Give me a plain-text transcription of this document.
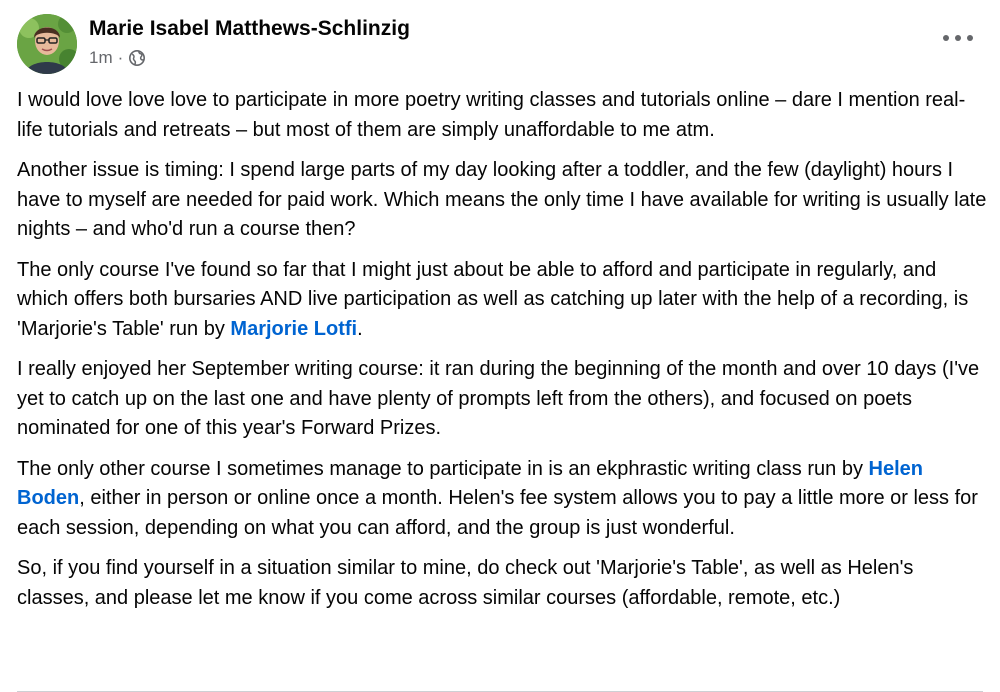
Marie Isabel Matthews-Schlinzig
1m ·

I would love love love to participate in more poetry writing classes and tutorials online – dare I mention real-life tutorials and retreats – but most of them are simply unaffordable to me atm.

Another issue is timing: I spend large parts of my day looking after a toddler, and the few (daylight) hours I have to myself are needed for paid work. Which means the only time I have available for writing is usually late nights – and who'd run a course then?

The only course I've found so far that I might just about be able to afford and participate in regularly, and which offers both bursaries AND live participation as well as catching up later with the help of a recording, is 'Marjorie's Table' run by Marjorie Lotfi.

I really enjoyed her September writing course: it ran during the beginning of the month and over 10 days (I've yet to catch up on the last one and have plenty of prompts left from the others), and focused on poets nominated for one of this year's Forward Prizes.

The only other course I sometimes manage to participate in is an ekphrastic writing class run by Helen Boden, either in person or online once a month. Helen's fee system allows you to pay a little more or less for each session, depending on what you can afford, and the group is just wonderful.

So, if you find yourself in a situation similar to mine, do check out 'Marjorie's Table', as well as Helen's classes, and please let me know if you come across similar courses (affordable, remote, etc.)
